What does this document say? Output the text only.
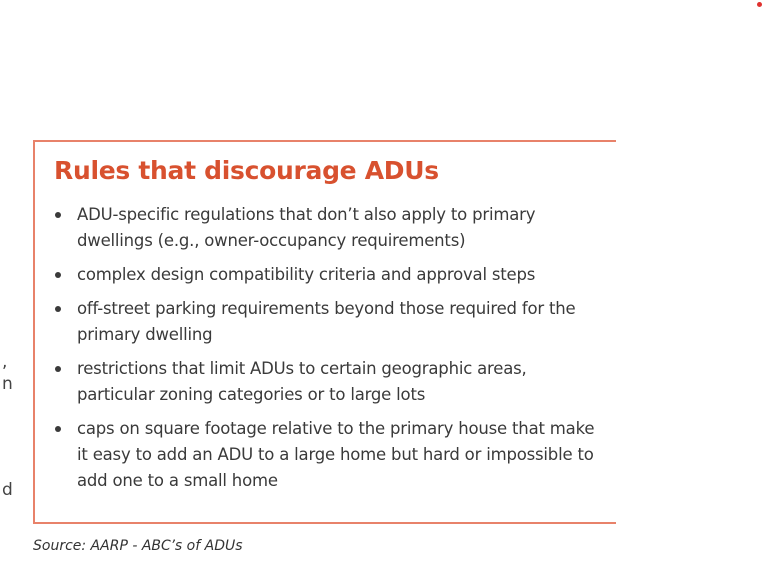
,
n
d
Rules that discourage ADUs
ADU-specific regulations that don’t also apply to primary dwellings (e.g., owner-occupancy requirements)
complex design compatibility criteria and approval steps
off-street parking requirements beyond those required for the primary dwelling
restrictions that limit ADUs to certain geographic areas, particular zoning categories or to large lots
caps on square footage relative to the primary house that make it easy to add an ADU to a large home but hard or impossible to add one to a small home
Source: AARP - ABC’s of ADUs
